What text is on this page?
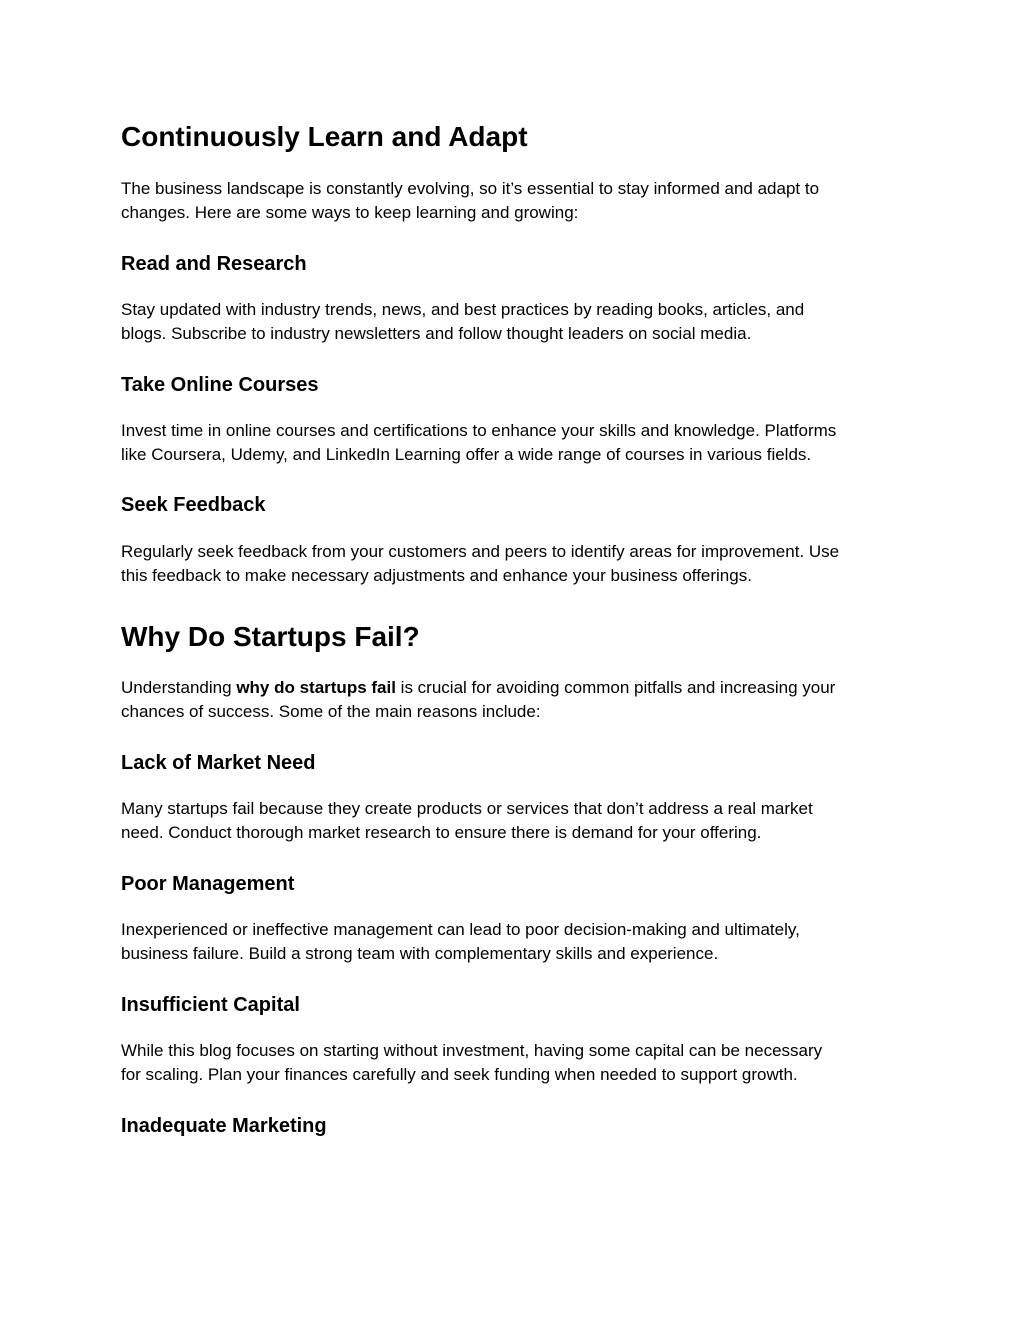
Continuously Learn and Adapt

The business landscape is constantly evolving, so it’s essential to stay informed and adapt to
changes. Here are some ways to keep learning and growing:

Read and Research

Stay updated with industry trends, news, and best practices by reading books, articles, and
blogs. Subscribe to industry newsletters and follow thought leaders on social media.

Take Online Courses

Invest time in online courses and certifications to enhance your skills and knowledge. Platforms
like Coursera, Udemy, and LinkedIn Learning offer a wide range of courses in various fields.

Seek Feedback

Regularly seek feedback from your customers and peers to identify areas for improvement. Use
this feedback to make necessary adjustments and enhance your business offerings.

Why Do Startups Fail?

Understanding why do startups fail is crucial for avoiding common pitfalls and increasing your
chances of success. Some of the main reasons include:

Lack of Market Need

Many startups fail because they create products or services that don’t address a real market
need. Conduct thorough market research to ensure there is demand for your offering.

Poor Management

Inexperienced or ineffective management can lead to poor decision-making and ultimately,
business failure. Build a strong team with complementary skills and experience.

Insufficient Capital

While this blog focuses on starting without investment, having some capital can be necessary
for scaling. Plan your finances carefully and seek funding when needed to support growth.

Inadequate Marketing
